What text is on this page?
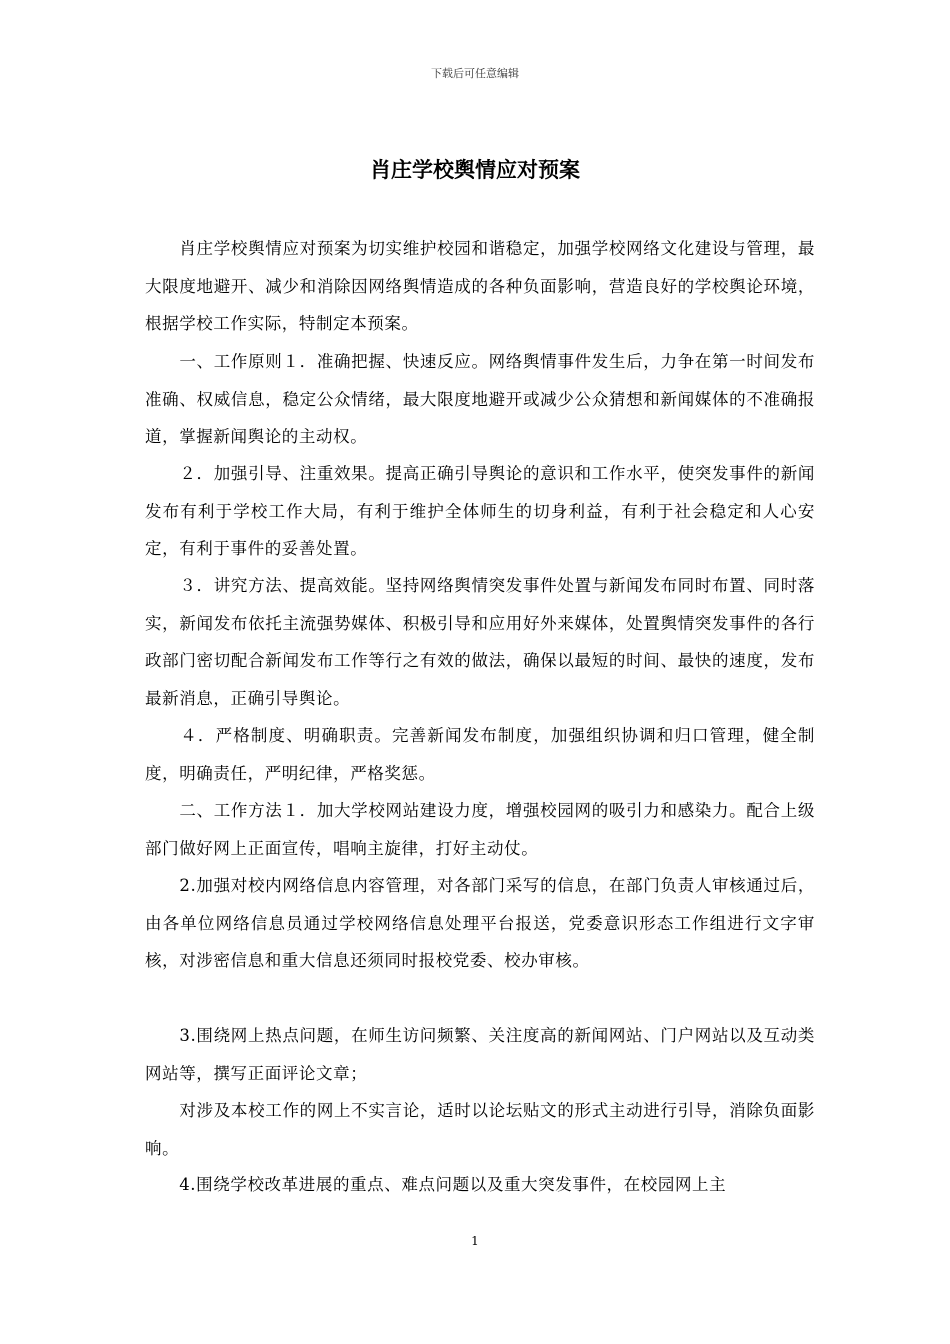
下载后可任意编辑
肖庄学校舆情应对预案

　　肖庄学校舆情应对预案为切实维护校园和谐稳定，加强学校网络文化建设与管理，最大限度地避开、减少和消除因网络舆情造成的各种负面影响，营造良好的学校舆论环境，根据学校工作实际，特制定本预案。

　　一、工作原则１．准确把握、快速反应。网络舆情事件发生后，力争在第一时间发布准确、权威信息，稳定公众情绪，最大限度地避开或减少公众猜想和新闻媒体的不准确报道，掌握新闻舆论的主动权。

　　２．加强引导、注重效果。提高正确引导舆论的意识和工作水平，使突发事件的新闻发布有利于学校工作大局，有利于维护全体师生的切身利益，有利于社会稳定和人心安定，有利于事件的妥善处置。

　　３．讲究方法、提高效能。坚持网络舆情突发事件处置与新闻发布同时布置、同时落实，新闻发布依托主流强势媒体、积极引导和应用好外来媒体，处置舆情突发事件的各行政部门密切配合新闻发布工作等行之有效的做法，确保以最短的时间、最快的速度，发布最新消息，正确引导舆论。

　　４．严格制度、明确职责。完善新闻发布制度，加强组织协调和归口管理，健全制度，明确责任，严明纪律，严格奖惩。

　　二、工作方法１．加大学校网站建设力度，增强校园网的吸引力和感染力。配合上级部门做好网上正面宣传，唱响主旋律，打好主动仗。

　　2.加强对校内网络信息内容管理，对各部门采写的信息，在部门负责人审核通过后，由各单位网络信息员通过学校网络信息处理平台报送，党委意识形态工作组进行文字审核，对涉密信息和重大信息还须同时报校党委、校办审核。

　　3.围绕网上热点问题，在师生访问频繁、关注度高的新闻网站、门户网站以及互动类网站等，撰写正面评论文章；

　　对涉及本校工作的网上不实言论，适时以论坛贴文的形式主动进行引导，消除负面影响。

　　4.围绕学校改革进展的重点、难点问题以及重大突发事件，在校园网上主

1
